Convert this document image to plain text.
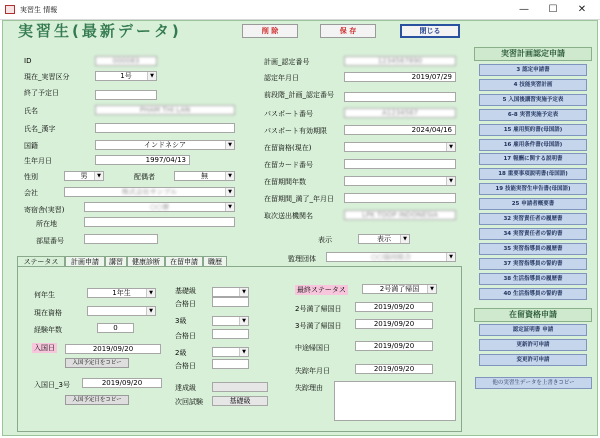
実習生 情報	—	☐	✕
実習生(最新データ)	削 除	保 存	閉じる
ID	000083
現在_実習区分	1号	▼
終了予定日
氏名	PHAM THI LAN
氏名_漢字
国籍	インドネシア	▼
生年月日	1997/04/13
性別	男	▼	配偶者	無	▼
会社	株式会社サンプル	▼
寄宿舎(実習)	○○寮	▼
所在地
部屋番号
計画_認定番号	1234567890
認定年月日	2019/07/29
前段階_計画_認定番号
パスポート番号	A1234567
パスポート有効期限	2024/04/16
在留資格(現在)	▼
在留カード番号
在留期間年数	▼
在留期間_満了_年月日
取次送出機関名	LPK TOOP INDONESIA
表示	表示	▼
監理団体	○○協同組合	▼
ステータス	計画申請	講習	健康診断	在留申請	職歴
何年生	1年生	▼
現在資格	▼
経験年数	0
入国日	2019/09/20
入国予定日をコピー
入国日_3号	2019/09/20
入国予定日をコピー
基礎級	▼
合格日
3級	▼
合格日
2級	▼
合格日
達成級
次回試験	基礎級
最終ステータス	2号満了帰国	▼
2号満了帰国日	2019/09/20
3号満了帰国日	2019/09/20
中途帰国日	2019/09/20
失踪年月日	2019/09/20
失踪理由
実習計画認定申請
3 認定申請書
4 技能実習計画
5 入国後講習実施予定表
6-8 実習実施予定表
15 雇用契約書(母国語)
16 雇用条件書(母国語)
17 報酬に関する説明書
18 重要事項説明書(母国語)
19 技能実習生申告書(母国語)
25 申請者概要書
32 実習責任者の履歴書
34 実習責任者の誓約書
35 実習指導員の履歴書
37 実習指導員の誓約書
38 生活指導員の履歴書
40 生活指導員の誓約書
在留資格申請
認定証明書 申請
更新許可申請
変更許可申請
他の実習生データを上書きコピー
